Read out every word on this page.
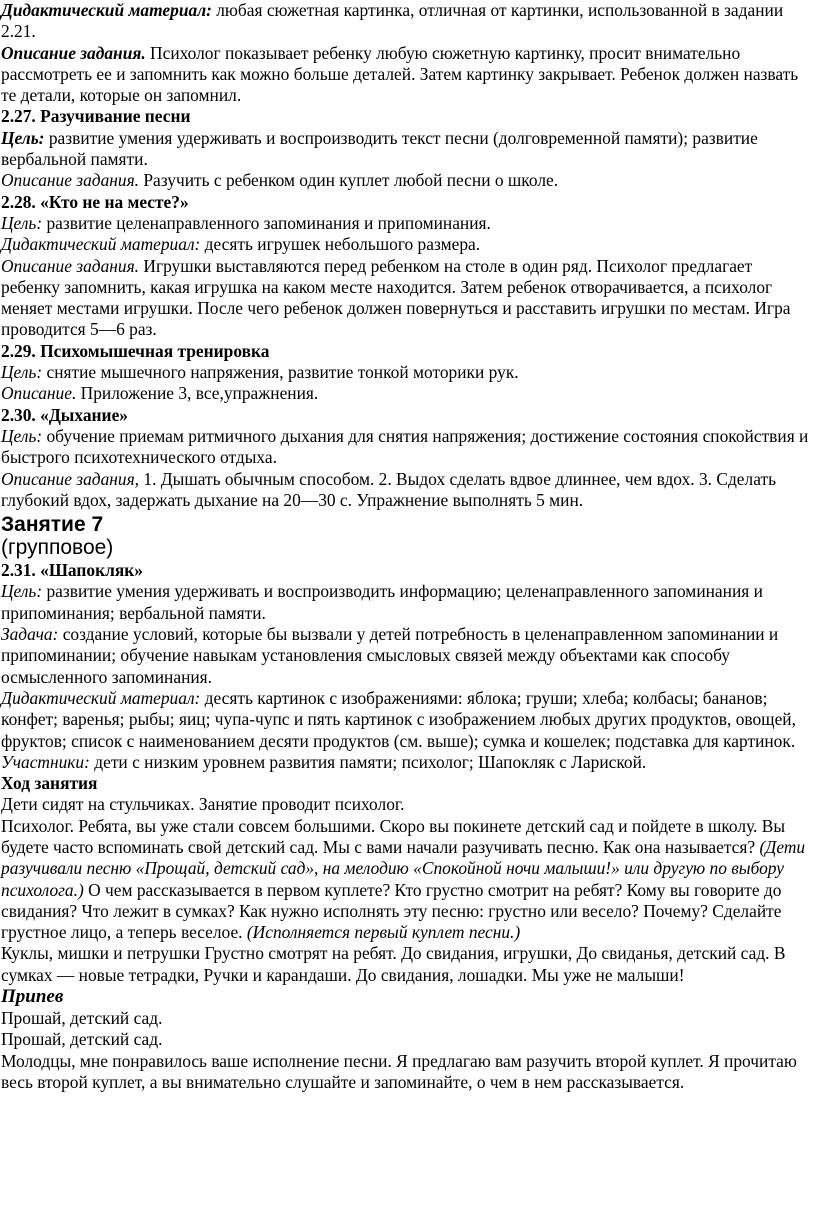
Дидактический материал: любая сюжетная картинка, отличная от картинки, использованной в задании 2.21.

Описание задания. Психолог показывает ребенку любую сюжетную картинку, просит внимательно рассмотреть ее и запомнить как можно больше деталей. Затем картинку закрывает. Ребенок должен назвать те детали, которые он запомнил.

2.27. Разучивание песни

Цель: развитие умения удерживать и воспроизводить текст песни (долговременной памяти); развитие вербальной памяти.

Описание задания. Разучить с ребенком один куплет любой песни о школе.

2.28. «Кто не на месте?»

Цель: развитие целенаправленного запоминания и припоминания.

Дидактический материал: десять игрушек небольшого размера.

Описание задания. Игрушки выставляются перед ребенком на столе в один ряд. Психолог предлагает ребенку запомнить, какая игрушка на каком месте находится. Затем ребенок отворачивается, а психолог меняет местами игрушки. После чего ребенок должен повернуться и расставить игрушки по местам. Игра проводится 5—6 раз.

2.29. Психомышечная тренировка

Цель: снятие мышечного напряжения, развитие тонкой моторики рук.

Описание. Приложение 3, все,упражнения.

2.30. «Дыхание»

Цель: обучение приемам ритмичного дыхания для снятия напряжения; достижение состояния спокойствия и быстрого психотехнического отдыха.

Описание задания, 1. Дышать обычным способом. 2. Выдох сделать вдвое длиннее, чем вдох. 3. Сделать глубокий вдох, задержать дыхание на 20—30 с. Упражнение выполнять 5 мин.

Занятие 7

(групповое)

2.31. «Шапокляк»

Цель: развитие умения удерживать и воспроизводить информацию; целенаправленного запоминания и припоминания; вербальной памяти.

Задача: создание условий, которые бы вызвали у детей потребность в целенаправленном запоминании и припоминании; обучение навыкам установления смысловых связей между объектами как способу осмысленного запоминания.

Дидактический материал: десять картинок с изображениями: яблока; груши; хлеба; колбасы; бананов; конфет; варенья; рыбы; яиц; чупа-чупс и пять картинок с изображением любых других продуктов, овощей, фруктов; список с наименованием десяти продуктов (см. выше); сумка и кошелек; подставка для картинок.

Участники: дети с низким уровнем развития памяти; психолог; Шапокляк с Лариской.

Ход занятия

Дети сидят на стульчиках. Занятие проводит психолог.

Психолог. Ребята, вы уже стали совсем большими. Скоро вы покинете детский сад и пойдете в школу. Вы будете часто вспоминать свой детский сад. Мы с вами начали разучивать песню. Как она называется? (Дети разучивали песню «Прощай, детский сад», на мелодию «Спокойной ночи малыши!» или другую по выбору психолога.) О чем рассказывается в первом куплете? Кто грустно смотрит на ребят? Кому вы говорите до свидания? Что лежит в сумках? Как нужно исполнять эту песню: грустно или весело? Почему? Сделайте грустное лицо, а теперь веселое. (Исполняется первый куплет песни.)

Куклы, мишки и петрушки Грустно смотрят на ребят. До свидания, игрушки, До свиданья, детский сад. В сумках — новые тетрадки, Ручки и карандаши. До свидания, лошадки. Мы уже не малыши!

Припев

Прошай, детский сад.

Прошай, детский сад.

Молодцы, мне понравилось ваше исполнение песни. Я предлагаю вам разучить второй куплет. Я прочитаю весь второй куплет, а вы внимательно слушайте и запоминайте, о чем в нем рассказывается.
